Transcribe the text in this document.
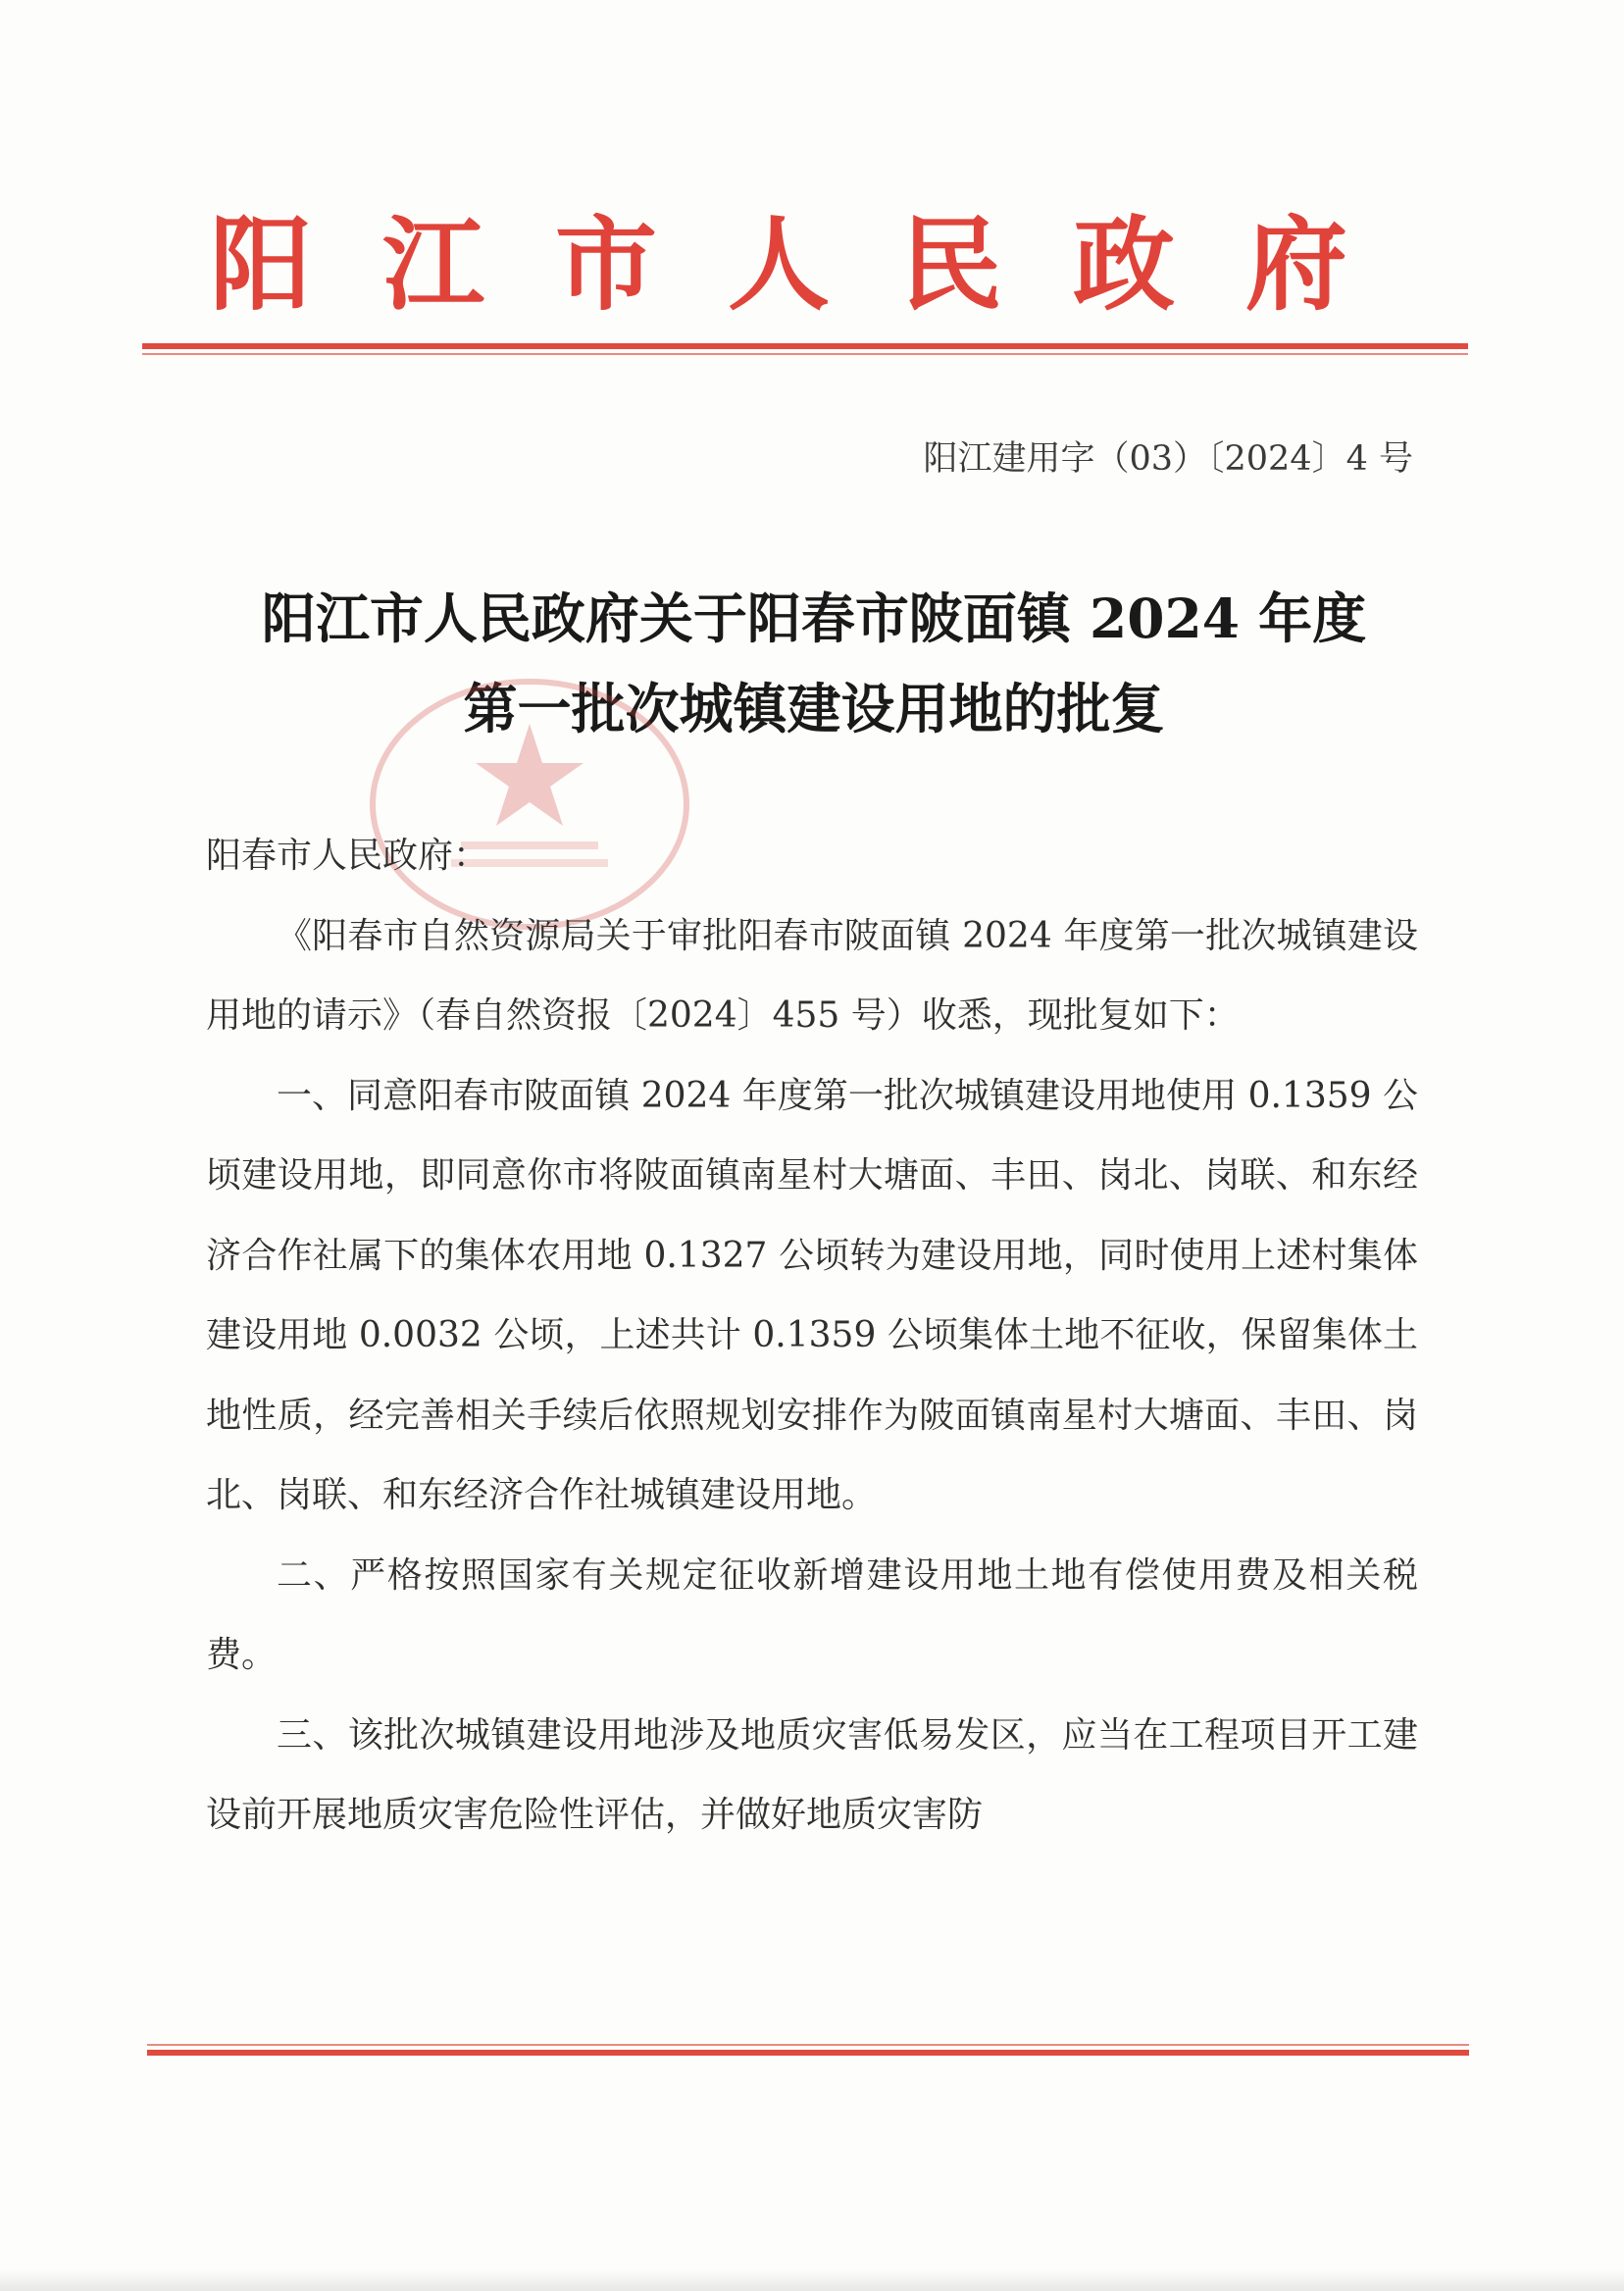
阳江市人民政府
阳江建用字（03）〔2024〕4 号
阳江市人民政府关于阳春市陂面镇 2024 年度
第一批次城镇建设用地的批复

阳春市人民政府：

《阳春市自然资源局关于审批阳春市陂面镇 2024 年度第一批次城镇建设用地的请示》（春自然资报〔2024〕455 号）收悉，现批复如下：

一、同意阳春市陂面镇 2024 年度第一批次城镇建设用地使用 0.1359 公顷建设用地，即同意你市将陂面镇南星村大塘面、丰田、岗北、岗联、和东经济合作社属下的集体农用地 0.1327 公顷转为建设用地，同时使用上述村集体建设用地 0.0032 公顷，上述共计 0.1359 公顷集体土地不征收，保留集体土地性质，经完善相关手续后依照规划安排作为陂面镇南星村大塘面、丰田、岗北、岗联、和东经济合作社城镇建设用地。

二、严格按照国家有关规定征收新增建设用地土地有偿使用费及相关税费。

三、该批次城镇建设用地涉及地质灾害低易发区，应当在工程项目开工建设前开展地质灾害危险性评估，并做好地质灾害防
